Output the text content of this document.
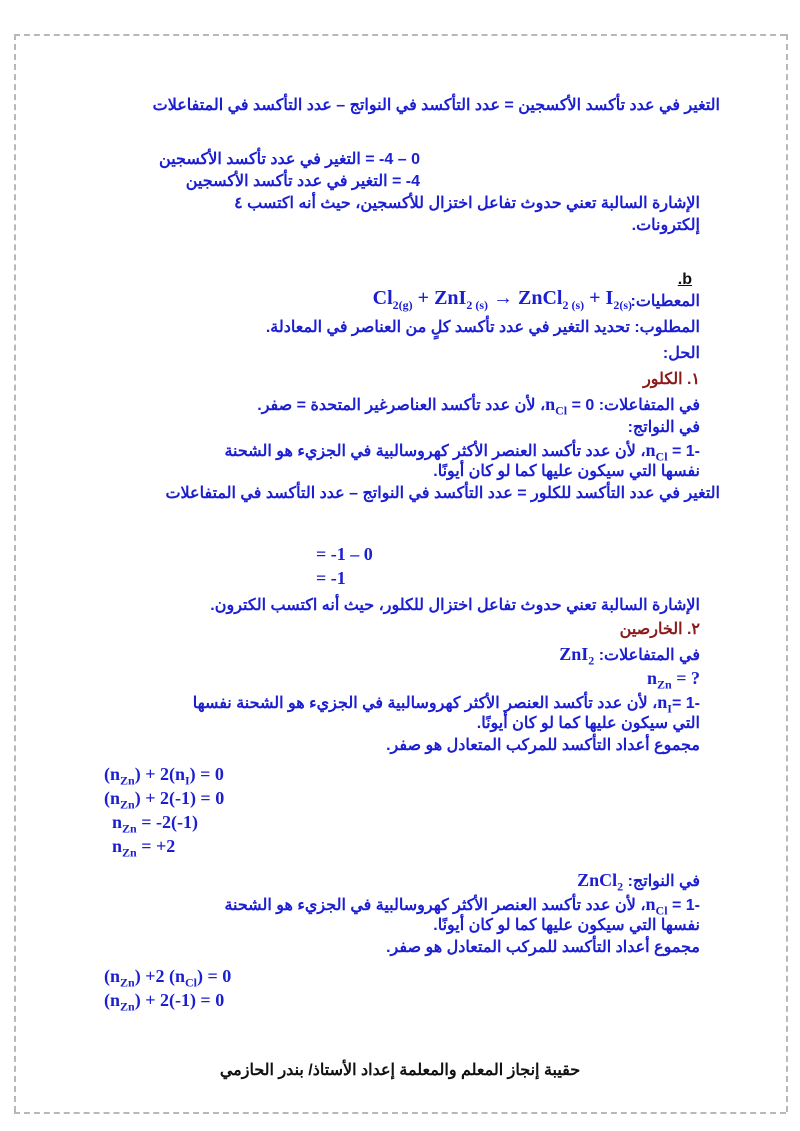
التغير في عدد تأكسد الأكسجين = عدد التأكسد في النواتج – عدد التأكسد في المتفاعلات

0 – 4- = التغير في عدد تأكسد الأكسجين

4- = التغير في عدد تأكسد الأكسجين

الإشارة السالبة تعني حدوث تفاعل اختزال للأكسجين، حيث أنه اكتسب ٤

إلكترونات.

.b

المعطيات:

$Cl_{2(g)} + ZnI_{2 (s)}$ → ZnCl$_{2 (s)}$ + $I_{2(s)}$

المطلوب: تحديد التغير في عدد تأكسد كلٍ من العناصر في المعادلة.

الحل:

١. الكلور

في المتفاعلات: $0 = n_{Cl}،$ لأن عدد تأكسد العناصرغير المتحدة = صفر.

في النواتج:

$-1 = n_{Cl}،$ لأن عدد تأكسد العنصر الأكثر كهروسالبية في الجزيء هو الشحنة

نفسها التي سيكون عليها كما لو كان أيونًا.

التغير في عدد التأكسد للكلور = عدد التأكسد في النواتج – عدد التأكسد في المتفاعلات

= -1 – 0

= -1

الإشارة السالبة تعني حدوث تفاعل اختزال للكلور، حيث أنه اكتسب الكترون.

٢. الخارصين

في المتفاعلات: ZnI$_2$

$n_{Zn}$ = ?

$-1 =n_I،$ لأن عدد تأكسد العنصر الأكثر كهروسالبية في الجزيء هو الشحنة نفسها

التي سيكون عليها كما لو كان أيونًا.

مجموع أعداد التأكسد للمركب المتعادل هو صفر.

$(n_{Zn}) + 2(n_I) = 0$

$(n_{Zn}) + 2(-1) = 0$

$n_{Zn} = -2(-1)$

$n_{Zn} = +2$

في النواتج: ZnCl$_2$

$-1 = n_{Cl}،$ لأن عدد تأكسد العنصر الأكثر كهروسالبية في الجزيء هو الشحنة

نفسها التي سيكون عليها كما لو كان أيونًا.

مجموع أعداد التأكسد للمركب المتعادل هو صفر.

$(n_{Zn}) +2$ $(n_{Cl}) = 0$

$(n_{Zn}) + 2(-1) = 0$

حقيبة إنجاز المعلم والمعلمة إعداد الأستاذ/ بندر الحازمي
